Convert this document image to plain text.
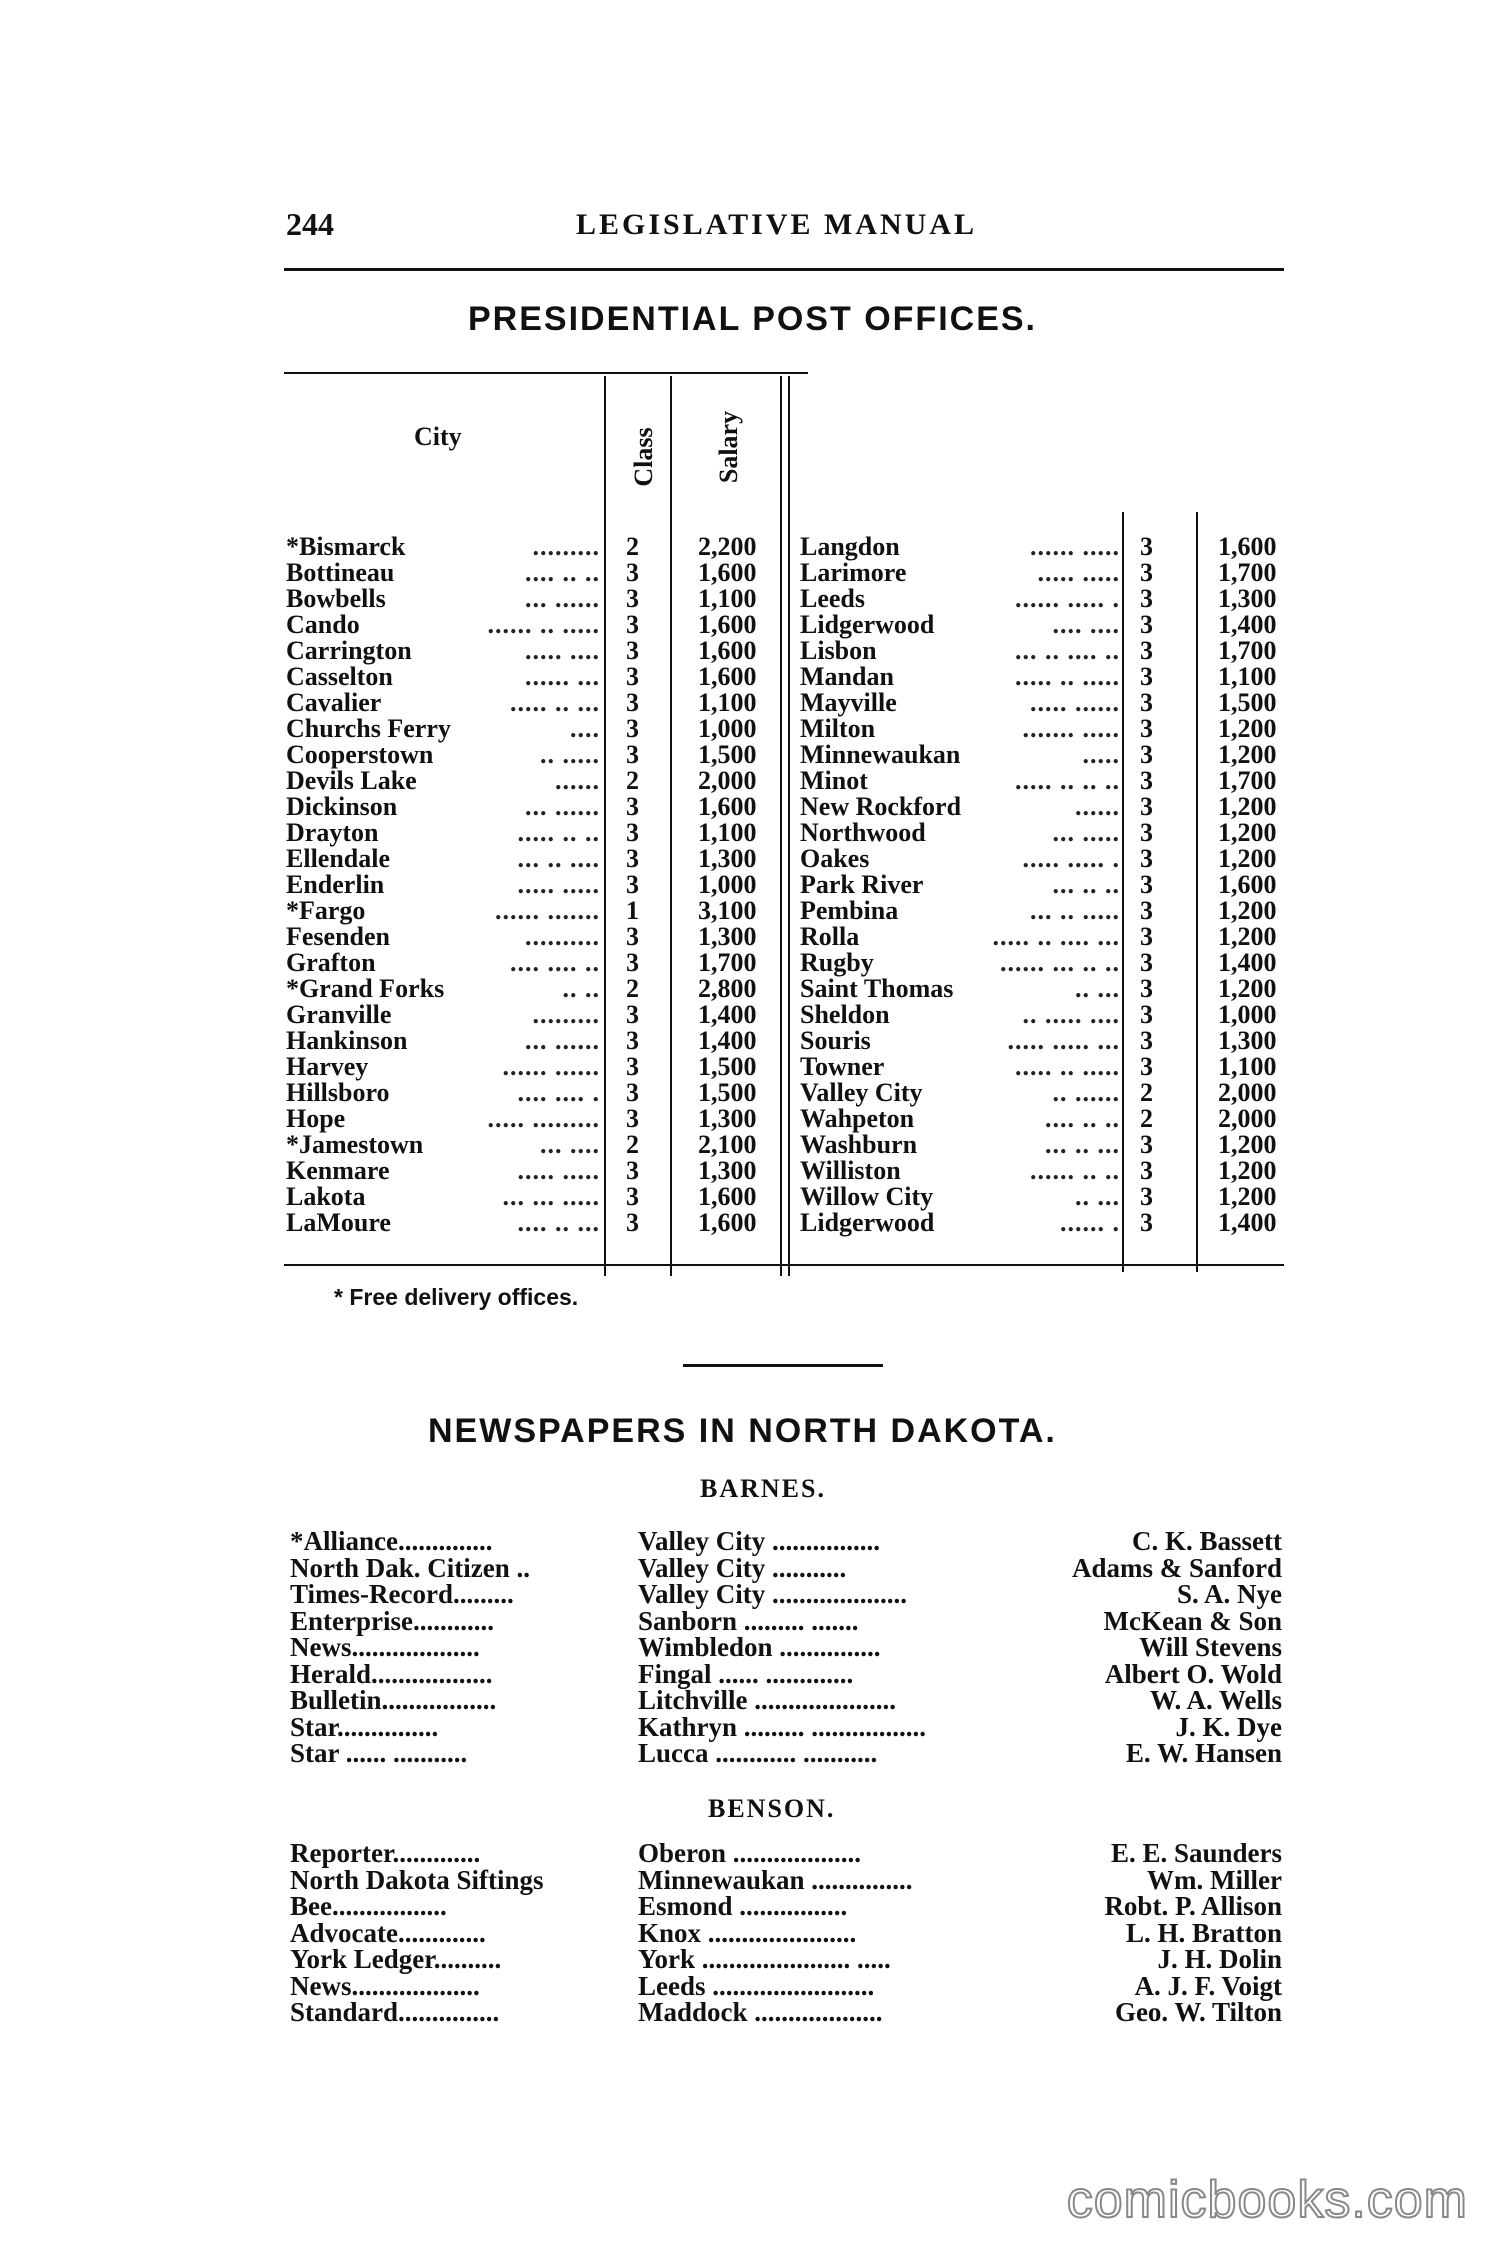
244	LEGISLATIVE MANUAL
PRESIDENTIAL POST OFFICES.
City	Class Salary
*Bismarck	......... 2 2,200
Bottineau	.... .. .. 3 1,600
Bowbells	... ...... 3 1,100
Cando	...... .. ..... 3 1,600
Carrington	..... .... 3 1,600
Casselton	...... ... 3 1,600
Cavalier	..... .. ... 3 1,100
Churchs Ferry	.... 3 1,000
Cooperstown	.. ..... 3 1,500
Devils Lake	...... 2 2,000
Dickinson	... ...... 3 1,600
Drayton	..... .. .. 3 1,100
Ellendale	... .. .... 3 1,300
Enderlin	..... ..... 3 1,000
*Fargo	...... ....... 1 3,100
Fesenden	.......... 3 1,300
Grafton	.... .... .. 3 1,700
*Grand Forks	.. .. 2 2,800
Granville	......... 3 1,400
Hankinson	... ...... 3 1,400
Harvey	...... ...... 3 1,500
Hillsboro	.... .... . 3 1,500
Hope	..... ......... 3 1,300
*Jamestown	... .... 2 2,100
Kenmare	..... ..... 3 1,300
Lakota	... ... ..... 3 1,600
LaMoure	.... .. ... 3 1,600
Langdon	...... ..... 3	1,600
Larimore	..... ..... 3	1,700
Leeds	...... ..... . 3	1,300
Lidgerwood	.... .... 3	1,400
Lisbon	... .. .... .. 3	1,700
Mandan	..... .. ..... 3	1,100
Mayville	..... ...... 3	1,500
Milton	....... ..... 3	1,200
Minnewaukan	..... 3	1,200
Minot	..... .. .. .. 3	1,700
New Rockford	...... 3	1,200
Northwood	... ..... 3	1,200
Oakes	..... ..... . 3	1,200
Park River	... .. .. 3	1,600
Pembina	... .. ..... 3	1,200
Rolla	..... .. .... ... 3	1,200
Rugby	...... ... .. .. 3	1,400
Saint Thomas	.. ... 3	1,200
Sheldon	.. ..... .... 3	1,000
Souris	..... ..... ... 3	1,300
Towner	..... .. ..... 3	1,100
Valley City	.. ...... 2	2,000
Wahpeton	.... .. .. 2	2,000
Washburn	... .. ... 3	1,200
Williston	...... .. .. 3	1,200
Willow City	.. ... 3	1,200
Lidgerwood	...... . 3	1,400
* Free delivery offices.
NEWSPAPERS IN NORTH DAKOTA.
BARNES.
*Alliance..............	Valley City ................	C. K. Bassett
North Dak. Citizen ..	Valley City ...........	Adams & Sanford
Times-Record.........	Valley City ....................	S. A. Nye
Enterprise............	Sanborn ......... .......	McKean & Son
News...................	Wimbledon ...............	Will Stevens
Herald..................	Fingal ...... .............	Albert O. Wold
Bulletin.................	Litchville .....................	W. A. Wells
Star...............	Kathryn ......... .................	J. K. Dye
Star ...... ...........	Lucca ............ ...........	E. W. Hansen
BENSON.
Reporter.............	Oberon ...................	E. E. Saunders
North Dakota Siftings	Minnewaukan ...............	Wm. Miller
Bee.................	Esmond ................	Robt. P. Allison
Advocate.............	Knox ......................	L. H. Bratton
York Ledger..........	York ...................... .....	J. H. Dolin
News...................	Leeds ........................	A. J. F. Voigt
Standard...............	Maddock ...................	Geo. W. Tilton
comicbooks.com
